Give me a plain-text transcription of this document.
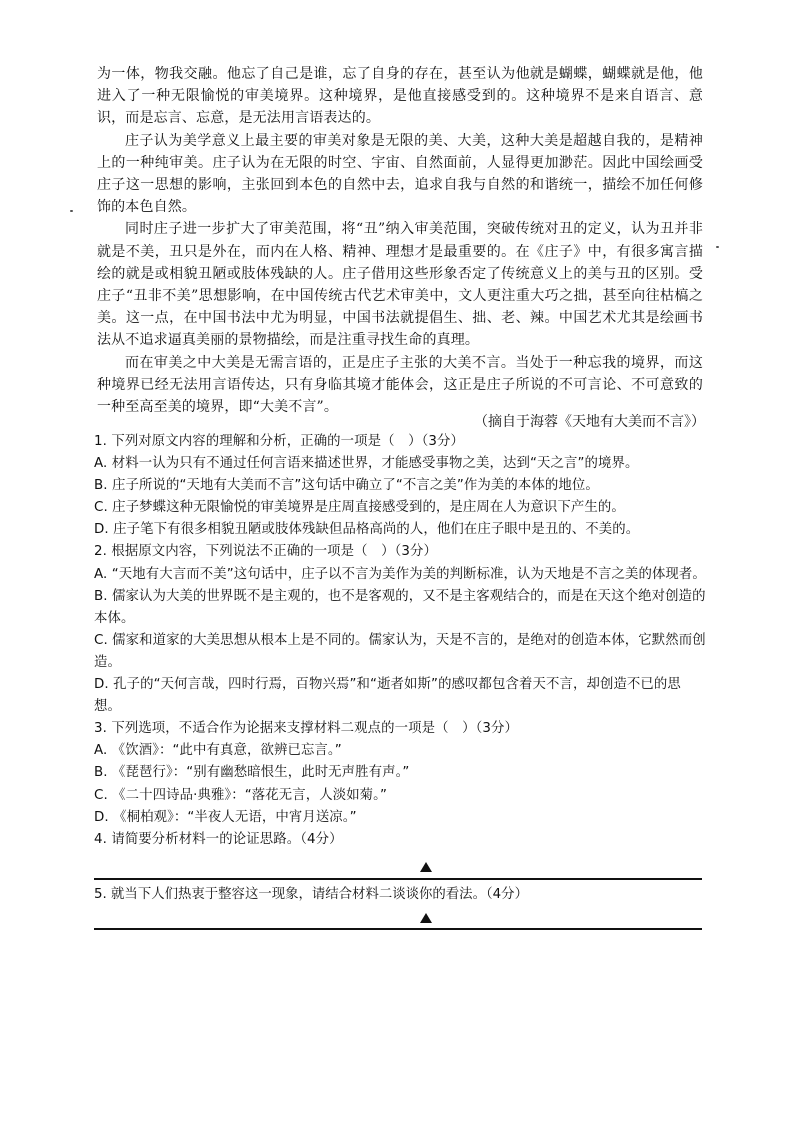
为一体，物我交融。他忘了自己是谁，忘了自身的存在，甚至认为他就是蝴蝶，蝴蝶就是他，他进入了一种无限愉悦的审美境界。这种境界，是他直接感受到的。这种境界不是来自语言、意识，而是忘言、忘意，是无法用言语表达的。

庄子认为美学意义上最主要的审美对象是无限的美、大美，这种大美是超越自我的，是精神上的一种纯审美。庄子认为在无限的时空、宇宙、自然面前，人显得更加渺茫。因此中国绘画受庄子这一思想的影响，主张回到本色的自然中去，追求自我与自然的和谐统一，描绘不加任何修饰的本色自然。

同时庄子进一步扩大了审美范围，将“丑”纳入审美范围，突破传统对丑的定义，认为丑并非就是不美，丑只是外在，而内在人格、精神、理想才是最重要的。在《庄子》中，有很多寓言描绘的就是或相貌丑陋或肢体残缺的人。庄子借用这些形象否定了传统意义上的美与丑的区别。受庄子“丑非不美”思想影响，在中国传统古代艺术审美中，文人更注重大巧之拙，甚至向往枯槁之美。这一点，在中国书法中尤为明显，中国书法就提倡生、拙、老、辣。中国艺术尤其是绘画书法从不追求逼真美丽的景物描绘，而是注重寻找生命的真理。

而在审美之中大美是无需言语的，正是庄子主张的大美不言。当处于一种忘我的境界，而这种境界已经无法用言语传达，只有身临其境才能体会，这正是庄子所说的不可言论、不可意致的一种至高至美的境界，即“大美不言”。

（摘自于海蓉《天地有大美而不言》）

1. 下列对原文内容的理解和分析，正确的一项是（　）（3分）

A. 材料一认为只有不通过任何言语来描述世界，才能感受事物之美，达到“天之言”的境界。

B. 庄子所说的“天地有大美而不言”这句话中确立了“不言之美”作为美的本体的地位。

C. 庄子梦蝶这种无限愉悦的审美境界是庄周直接感受到的，是庄周在人为意识下产生的。

D. 庄子笔下有很多相貌丑陋或肢体残缺但品格高尚的人，他们在庄子眼中是丑的、不美的。

2. 根据原文内容，下列说法不正确的一项是（　）（3分）

A. “天地有大言而不美”这句话中，庄子以不言为美作为美的判断标准，认为天地是不言之美的体现者。

B. 儒家认为大美的世界既不是主观的，也不是客观的，又不是主客观结合的，而是在天这个绝对创造的本体。

C. 儒家和道家的大美思想从根本上是不同的。儒家认为，天是不言的，是绝对的创造本体，它默然而创造。

D. 孔子的“天何言哉，四时行焉，百物兴焉”和“逝者如斯”的感叹都包含着天不言，却创造不已的思想。

3. 下列选项，不适合作为论据来支撑材料二观点的一项是（　）（3分）

A. 《饮酒》：“此中有真意，欲辨已忘言。”

B. 《琵琶行》：“别有幽愁暗恨生，此时无声胜有声。”

C. 《二十四诗品·典雅》：“落花无言，人淡如菊。”

D. 《桐柏观》：“半夜人无语，中宵月送凉。”

4. 请简要分析材料一的论证思路。（4分）

5. 就当下人们热衷于整容这一现象，请结合材料二谈谈你的看法。（4分）
